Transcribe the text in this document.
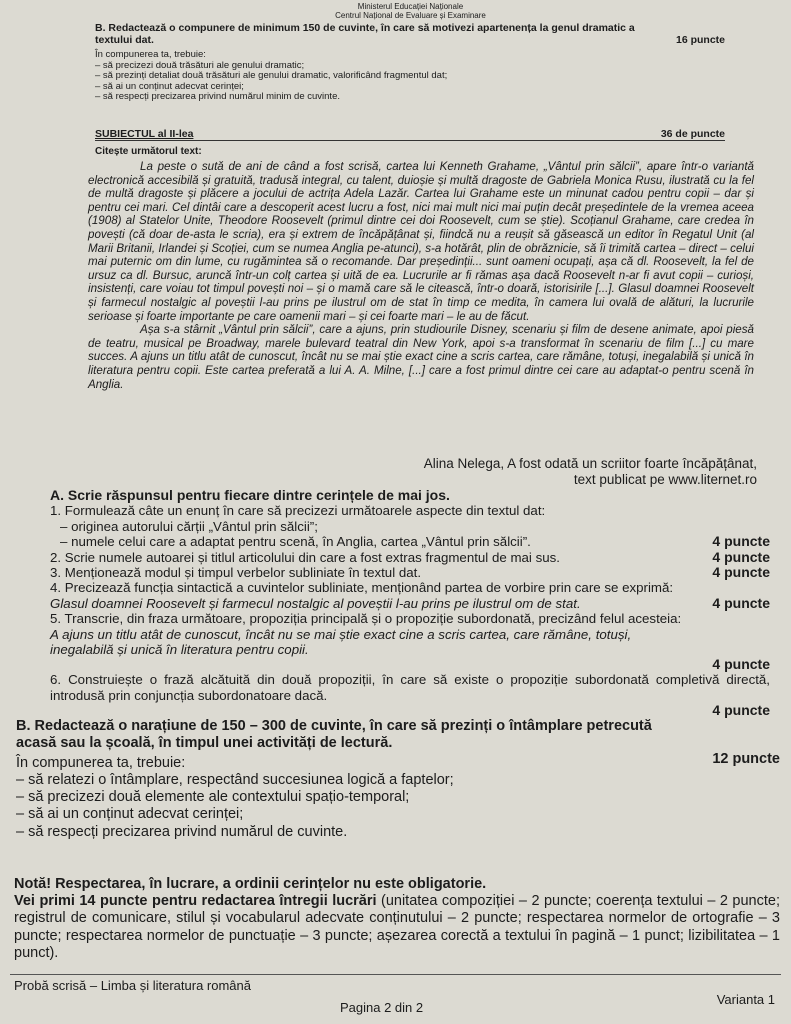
Ministerul Educației Naționale
Centrul Național de Evaluare și Examinare
B. Redactează o compunere de minimum 150 de cuvinte, în care să motivezi apartenența la genul dramatic a textului dat.	16 puncte
În compunerea ta, trebuie:
– să precizezi două trăsături ale genului dramatic;
– să prezinți detaliat două trăsături ale genului dramatic, valorificând fragmentul dat;
– să ai un conținut adecvat cerinței;
– să respecți precizarea privind numărul minim de cuvinte.
SUBIECTUL al II-lea	36 de puncte
Citește următorul text:

La peste o sută de ani de când a fost scrisă, cartea lui Kenneth Grahame, „Vântul prin sălcii”, apare într-o variantă electronică accesibilă și gratuită, tradusă integral, cu talent, duioșie și multă dragoste de Gabriela Monica Rusu, ilustrată cu la fel de multă dragoste și plăcere a jocului de actrița Adela Lazăr. Cartea lui Grahame este un minunat cadou pentru copii – dar și pentru cei mari. Cel dintâi care a descoperit acest lucru a fost, nici mai mult nici mai puțin decât președintele de la vremea aceea (1908) al Statelor Unite, Theodore Roosevelt (primul dintre cei doi Roosevelt, cum se știe). Scoțianul Grahame, care credea în povești (că doar de-asta le scria), era și extrem de încăpățânat și, fiindcă nu a reușit să găsească un editor în Regatul Unit (al Marii Britanii, Irlandei și Scoției, cum se numea Anglia pe-atunci), s-a hotărât, plin de obrăznicie, să îi trimită cartea – direct – celui mai puternic om din lume, cu rugămintea să o recomande. Dar președinții... sunt oameni ocupați, așa că dl. Roosevelt, la fel de ursuz ca dl. Bursuc, aruncă într-un colț cartea și uită de ea. Lucrurile ar fi rămas așa dacă Roosevelt n-ar fi avut copii – curioși, insistenți, care voiau tot timpul povești noi – și o mamă care să le citească, într-o doară, istorisirile [...]. Glasul doamnei Roosevelt și farmecul nostalgic al poveștii l-au prins pe ilustrul om de stat în timp ce medita, în camera lui ovală de alături, la lucrurile serioase și foarte importante pe care oamenii mari – și cei foarte mari – le au de făcut.

Așa s-a stârnit „Vântul prin sălcii”, care a ajuns, prin studiourile Disney, scenariu și film de desene animate, apoi piesă de teatru, musical pe Broadway, marele bulevard teatral din New York, apoi s-a transformat în scenariu de film [...] cu mare succes. A ajuns un titlu atât de cunoscut, încât nu se mai știe exact cine a scris cartea, care rămâne, totuși, inegalabilă și unică în literatura pentru copii. Este cartea preferată a lui A. A. Milne, [...] care a fost primul dintre cei care au adaptat-o pentru scenă în Anglia.

Alina Nelega, A fost odată un scriitor foarte încăpățânat,
text publicat pe www.liternet.ro
A. Scrie răspunsul pentru fiecare dintre cerințele de mai jos.
1. Formulează câte un enunț în care să precizezi următoarele aspecte din textul dat:
– originea autorului cărții „Vântul prin sălcii”;
– numele celui care a adaptat pentru scenă, în Anglia, cartea „Vântul prin sălcii”.	4 puncte
2. Scrie numele autoarei și titlul articolului din care a fost extras fragmentul de mai sus.	4 puncte
3. Menționează modul și timpul verbelor subliniate în textul dat.	4 puncte
4. Precizează funcția sintactică a cuvintelor subliniate, menționând partea de vorbire prin care se exprimă:
Glasul doamnei Roosevelt și farmecul nostalgic al poveștii l-au prins pe ilustrul om de stat.	4 puncte
5. Transcrie, din fraza următoare, propoziția principală și o propoziție subordonată, precizând felul acesteia:
A ajuns un titlu atât de cunoscut, încât nu se mai știe exact cine a scris cartea, care rămâne, totuși, inegalabilă și unică în literatura pentru copii.
4 puncte
6. Construiește o frază alcătuită din două propoziții, în care să existe o propoziție subordonată completivă directă, introdusă prin conjuncția subordonatoare dacă.
4 puncte
B. Redactează o narațiune de 150 – 300 de cuvinte, în care să prezinți o întâmplare petrecută acasă sau la școală, în timpul unei activități de lectură.
12 puncte
În compunerea ta, trebuie:
– să relatezi o întâmplare, respectând succesiunea logică a faptelor;
– să precizezi două elemente ale contextului spațio-temporal;
– să ai un conținut adecvat cerinței;
– să respecți precizarea privind numărul de cuvinte.
Notă! Respectarea, în lucrare, a ordinii cerințelor nu este obligatorie.
Vei primi 14 puncte pentru redactarea întregii lucrări (unitatea compoziției – 2 puncte; coerența textului – 2 puncte; registrul de comunicare, stilul și vocabularul adecvate conținutului – 2 puncte; respectarea normelor de ortografie – 3 puncte; respectarea normelor de punctuație – 3 puncte; așezarea corectă a textului în pagină – 1 punct; lizibilitatea – 1 punct).
Probă scrisă – Limba și literatura română
Pagina 2 din 2
Varianta 1
